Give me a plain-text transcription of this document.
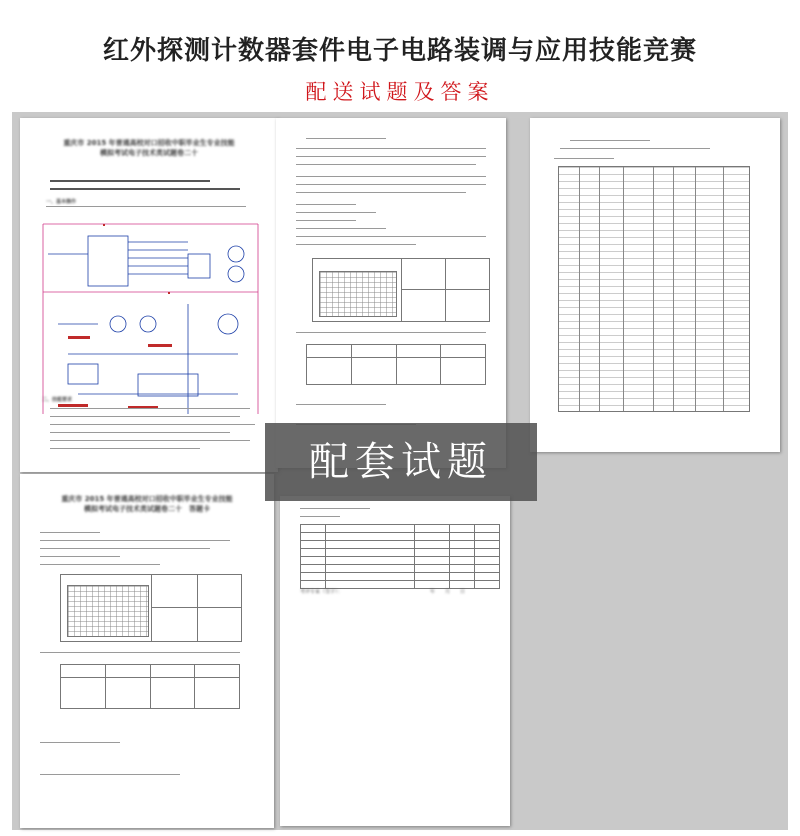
红外探测计数器套件电子电路装调与应用技能竞赛
配送试题及答案
重庆市 2015 年普通高校对口招收中职毕业生专业技能
模拟考试电子技术类试题卷二十
一、基本操作
二、技能要求

重庆市 2015 年普通高校对口招收中职毕业生专业技能
模拟考试电子技术类试题卷二十　答题卡

考评专家（签字）：	年　　月　　日
配套试题
